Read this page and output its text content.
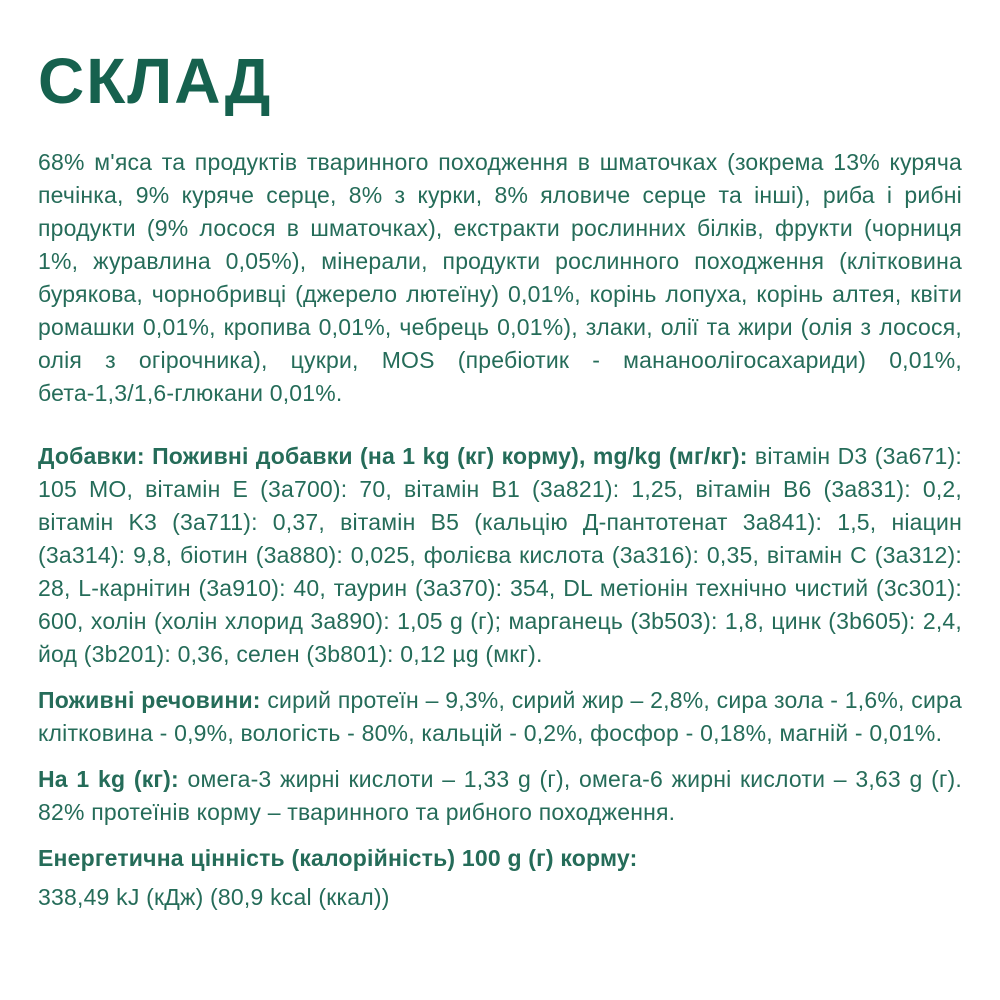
СКЛАД

68% м'яса та продуктів тваринного походження в шматочках (зокрема 13% куряча печінка, 9% куряче серце, 8% з курки, 8% яловиче серце та інші), риба і рибні продукти (9% лосося в шматочках), екстракти рослинних білків, фрукти (чорниця 1%, журавлина 0,05%), мінерали, продукти рослинного походження (клітковина бурякова, чорнобривці (джерело лютеїну) 0,01%, корінь лопуха, корінь алтея, квіти ромашки 0,01%, кропива 0,01%, чебрець 0,01%), злаки, олії та жири (олія з лосося, олія з огірочника), цукри, MOS (пребіотик - мананоолігосахариди) 0,01%, бета-1,3/1,6-глюкани 0,01%.

Добавки: Поживні добавки (на 1 kg (кг) корму), mg/kg (мг/кг): вітамін D3 (3а671): 105 МО, вітамін E (3а700): 70, вітамін B1 (3а821): 1,25, вітамін B6 (3а831): 0,2, вітамін K3 (3а711): 0,37, вітамін B5 (кальцію Д-пантотенат 3а841): 1,5, ніацин (3а314): 9,8, біотин (3а880): 0,025, фолієва кислота (3а316): 0,35, вітамін C (3а312): 28, L-карнітин (3а910): 40, таурин (3а370): 354, DL метіонін технічно чистий (3с301): 600, холін (холін хлорид 3а890): 1,05 g (г); марганець (3b503): 1,8, цинк (3b605): 2,4, йод (3b201): 0,36, селен (3b801): 0,12 µg (мкг).

Поживні речовини: сирий протеїн – 9,3%, сирий жир – 2,8%, сира зола - 1,6%, сира клітковина - 0,9%, вологість - 80%, кальцій - 0,2%, фосфор - 0,18%, магній - 0,01%.

На 1 kg (кг): омега-3 жирні кислоти – 1,33 g (г), омега-6 жирні кислоти – 3,63 g (г). 82% протеїнів корму – тваринного та рибного походження.

Енергетична цінність (калорійність) 100 g (г) корму:

338,49 kJ (кДж) (80,9 kcal (ккал))
